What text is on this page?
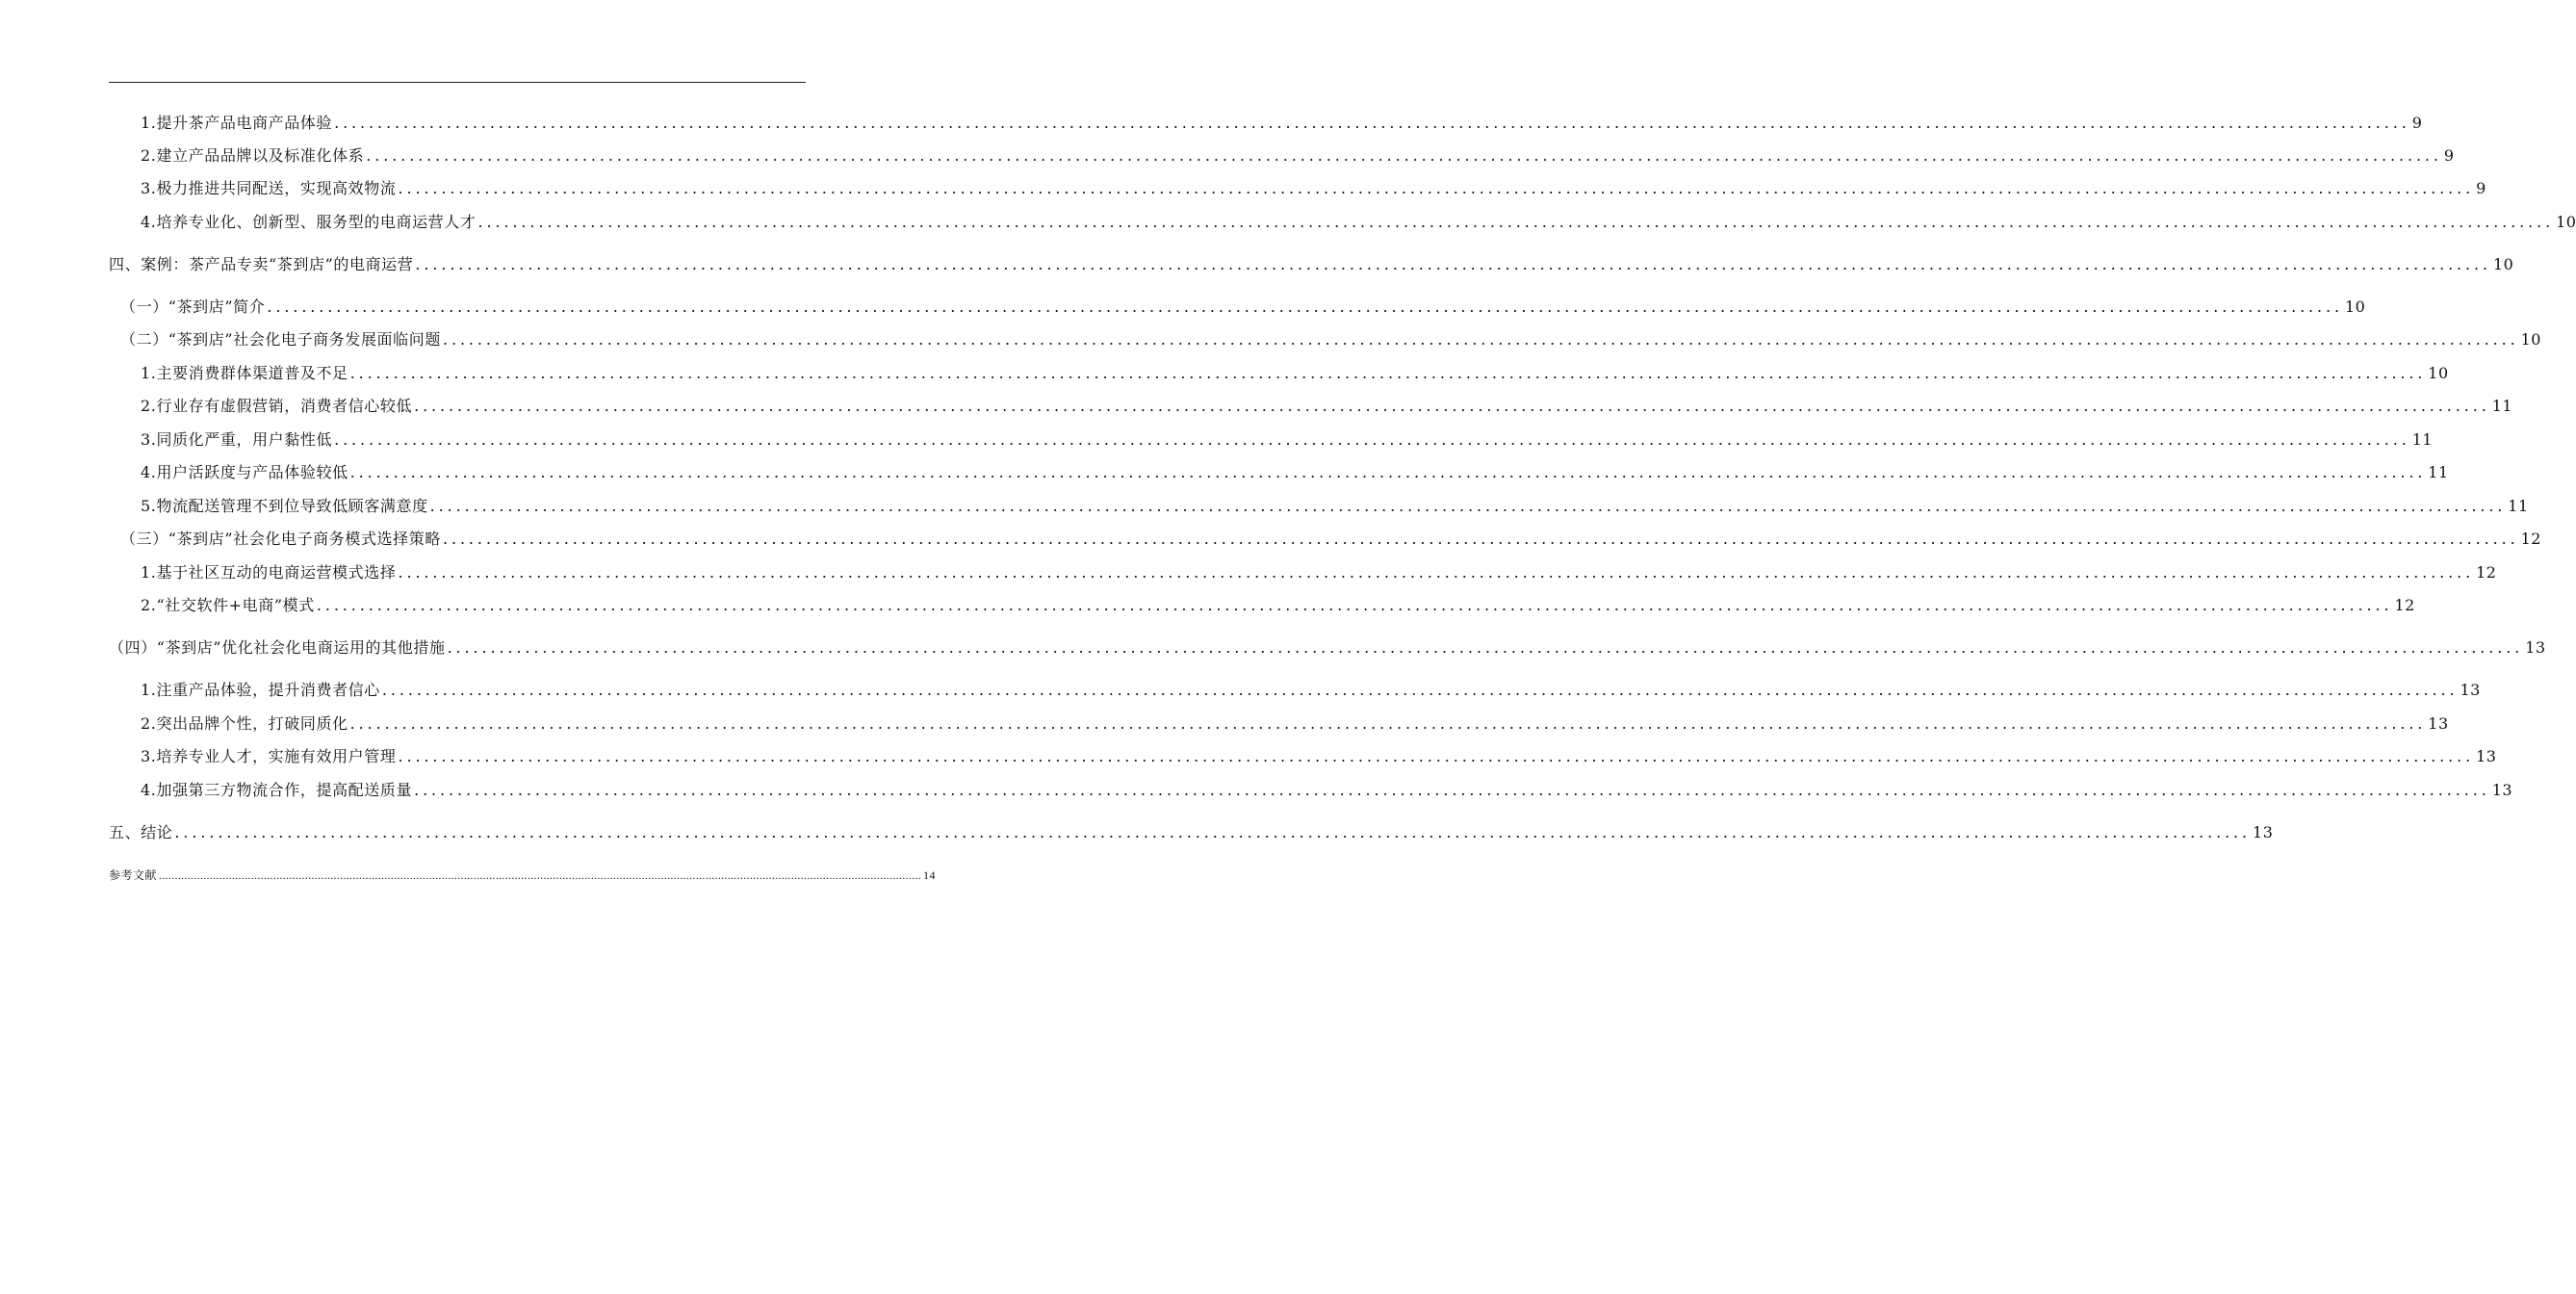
1.提升茶产品电商产品体验 ................................................................................................................................................................................................................................................ 9
2.建立产品品牌以及标准化体系 ................................................................................................................................................................................................................................................ 9
3.极力推进共同配送，实现高效物流 ................................................................................................................................................................................................................................................ 9
4.培养专业化、创新型、服务型的电商运营人才 ................................................................................................................................................................................................................................................ 10
四、案例：茶产品专卖“茶到店”的电商运营 ................................................................................................................................................................................................................................................ 10
（一）“茶到店”简介 ................................................................................................................................................................................................................................................ 10
（二）“茶到店”社会化电子商务发展面临问题 ................................................................................................................................................................................................................................................ 10
1.主要消费群体渠道普及不足 ................................................................................................................................................................................................................................................ 10
2.行业存有虚假营销，消费者信心较低 ................................................................................................................................................................................................................................................ 11
3.同质化严重，用户黏性低 ................................................................................................................................................................................................................................................ 11
4.用户活跃度与产品体验较低 ................................................................................................................................................................................................................................................ 11
5.物流配送管理不到位导致低顾客满意度 ................................................................................................................................................................................................................................................ 11
（三）“茶到店”社会化电子商务模式选择策略 ................................................................................................................................................................................................................................................ 12
1.基于社区互动的电商运营模式选择 ................................................................................................................................................................................................................................................ 12
2.“社交软件+电商”模式 ................................................................................................................................................................................................................................................ 12
（四）“茶到店”优化社会化电商运用的其他措施 ................................................................................................................................................................................................................................................ 13
1.注重产品体验，提升消费者信心 ................................................................................................................................................................................................................................................ 13
2.突出品牌个性，打破同质化 ................................................................................................................................................................................................................................................ 13
3.培养专业人才，实施有效用户管理 ................................................................................................................................................................................................................................................ 13
4.加强第三方物流合作，提高配送质量 ................................................................................................................................................................................................................................................ 13
五、结论 ................................................................................................................................................................................................................................................ 13
参考文献 ................................................................................................................................................................................................................................................ 14
